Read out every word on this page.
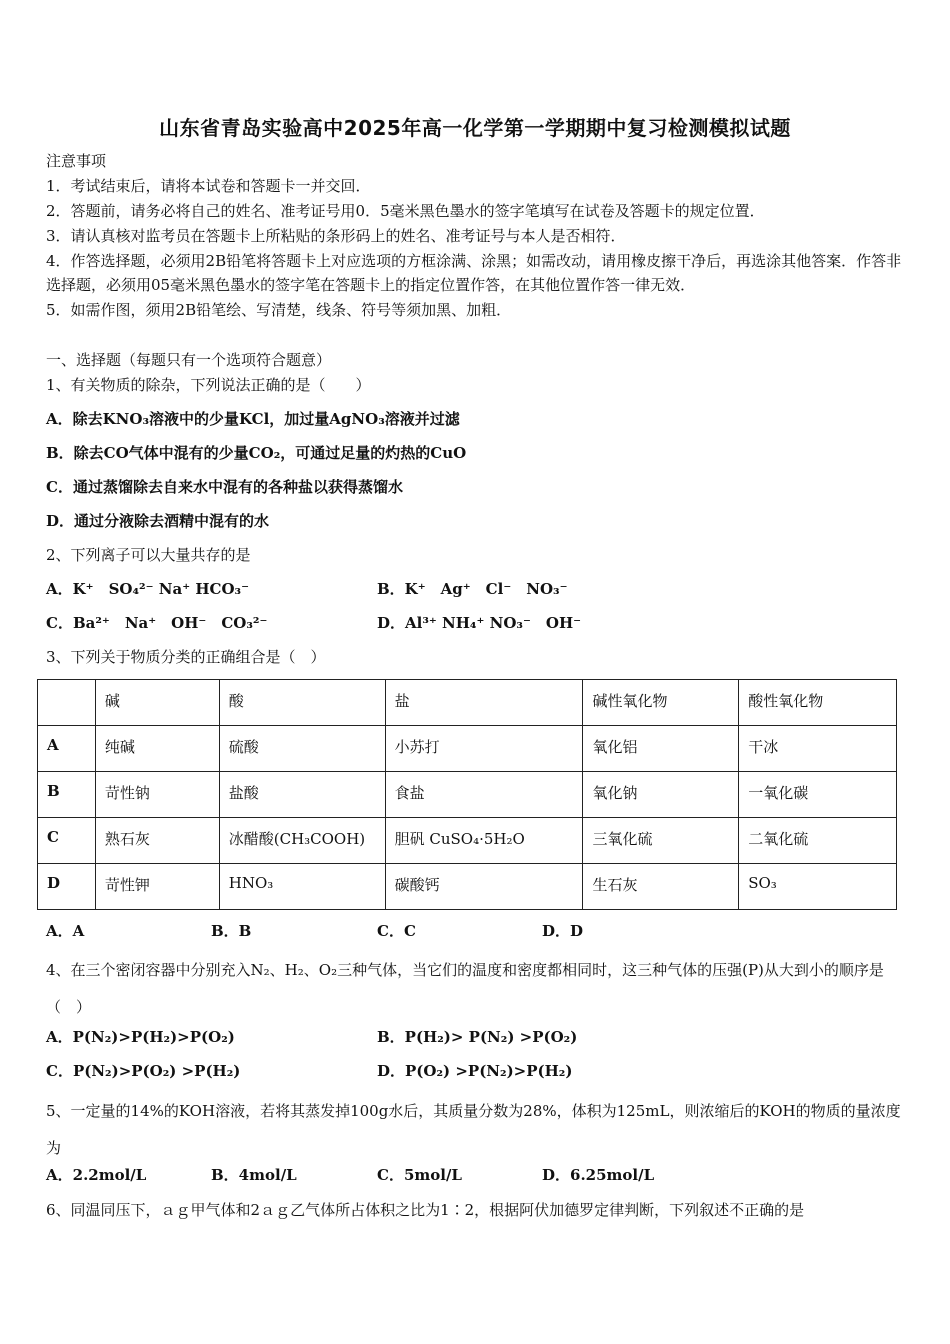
山东省青岛实验高中2025年高一化学第一学期期中复习检测模拟试题
注意事项
1．考试结束后，请将本试卷和答题卡一并交回．
2．答题前，请务必将自己的姓名、准考证号用0．5毫米黑色墨水的签字笔填写在试卷及答题卡的规定位置．
3．请认真核对监考员在答题卡上所粘贴的条形码上的姓名、准考证号与本人是否相符．
4．作答选择题，必须用2B铅笔将答题卡上对应选项的方框涂满、涂黑；如需改动，请用橡皮擦干净后，再选涂其他答案．作答非选择题，必须用05毫米黑色墨水的签字笔在答题卡上的指定位置作答，在其他位置作答一律无效．
5．如需作图，须用2B铅笔绘、写清楚，线条、符号等须加黑、加粗．
一、选择题（每题只有一个选项符合题意）
1、有关物质的除杂，下列说法正确的是（　　）
A．除去KNO₃溶液中的少量KCl，加过量AgNO₃溶液并过滤
B．除去CO气体中混有的少量CO₂，可通过足量的灼热的CuO
C．通过蒸馏除去自来水中混有的各种盐以获得蒸馏水
D．通过分液除去酒精中混有的水
2、下列离子可以大量共存的是
A．K⁺　SO₄²⁻ Na⁺ HCO₃⁻	B．K⁺　Ag⁺　Cl⁻　NO₃⁻
C．Ba²⁺　Na⁺　OH⁻　CO₃²⁻	D．Al³⁺ NH₄⁺ NO₃⁻　OH⁻
3、下列关于物质分类的正确组合是（　）
	碱	酸	盐	碱性氧化物	酸性氧化物
A	纯碱	硫酸	小苏打	氧化铝	干冰
B	苛性钠	盐酸	食盐	氧化钠	一氧化碳
C	熟石灰	冰醋酸(CH₃COOH)	胆矾 CuSO₄·5H₂O	三氧化硫	二氧化硫
D	苛性钾	HNO₃	碳酸钙	生石灰	SO₃
A．A	B．B	C．C	D．D
4、在三个密闭容器中分别充入N₂、H₂、O₂三种气体，当它们的温度和密度都相同时，这三种气体的压强(P)从大到小的顺序是（　）
A．P(N₂)>P(H₂)>P(O₂)	B．P(H₂)> P(N₂) >P(O₂)
C．P(N₂)>P(O₂) >P(H₂)	D．P(O₂) >P(N₂)>P(H₂)
5、一定量的14%的KOH溶液，若将其蒸发掉100g水后，其质量分数为28%，体积为125mL，则浓缩后的KOH的物质的量浓度为
A．2.2mol/L	B．4mol/L	C．5mol/L	D．6.25mol/L
6、同温同压下，ａｇ甲气体和2ａｇ乙气体所占体积之比为1∶2，根据阿伏加德罗定律判断，下列叙述不正确的是
